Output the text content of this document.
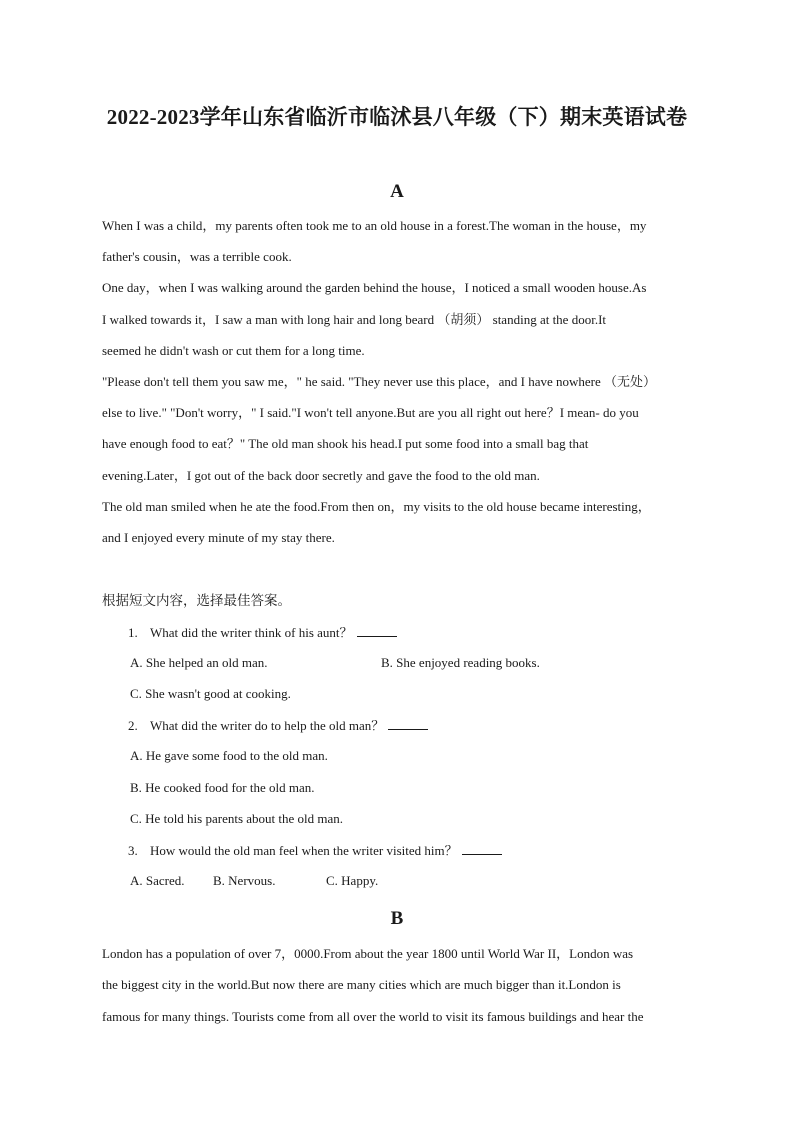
2022-2023学年山东省临沂市临沭县八年级（下）期末英语试卷
A
When I was a child，my parents often took me to an old house in a forest.The woman in the house，my
father's cousin，was a terrible cook.
One day，when I was walking around the garden behind the house，I noticed a small wooden house.As
I walked towards it，I saw a man with long hair and long beard （胡须） standing at the door.It
seemed he didn't wash or cut them for a long time.
"Please don't tell them you saw me，" he said. "They never use this place，and I have nowhere （无处）
else to live." "Don't worry，" I said."I won't tell anyone.But are you all right out here？I mean- do you
have enough food to eat？" The old man shook his head.I put some food into a small bag that
evening.Later，I got out of the back door secretly and gave the food to the old man.
The old man smiled when he ate the food.From then on，my visits to the old house became interesting，
and I enjoyed every minute of my stay there.
根据短文内容，选择最佳答案。
1. What did the writer think of his aunt？
A. She helped an old man.	B. She enjoyed reading books.
C. She wasn't good at cooking.
2. What did the writer do to help the old man？
A. He gave some food to the old man.
B. He cooked food for the old man.
C. He told his parents about the old man.
3. How would the old man feel when the writer visited him？
A. Sacred. B. Nervous.	C. Happy.
B
London has a population of over 7，0000.From about the year 1800 until World War II，London was
the biggest city in the world.But now there are many cities which are much bigger than it.London is
famous for many things. Tourists come from all over the world to visit its famous buildings and hear the
